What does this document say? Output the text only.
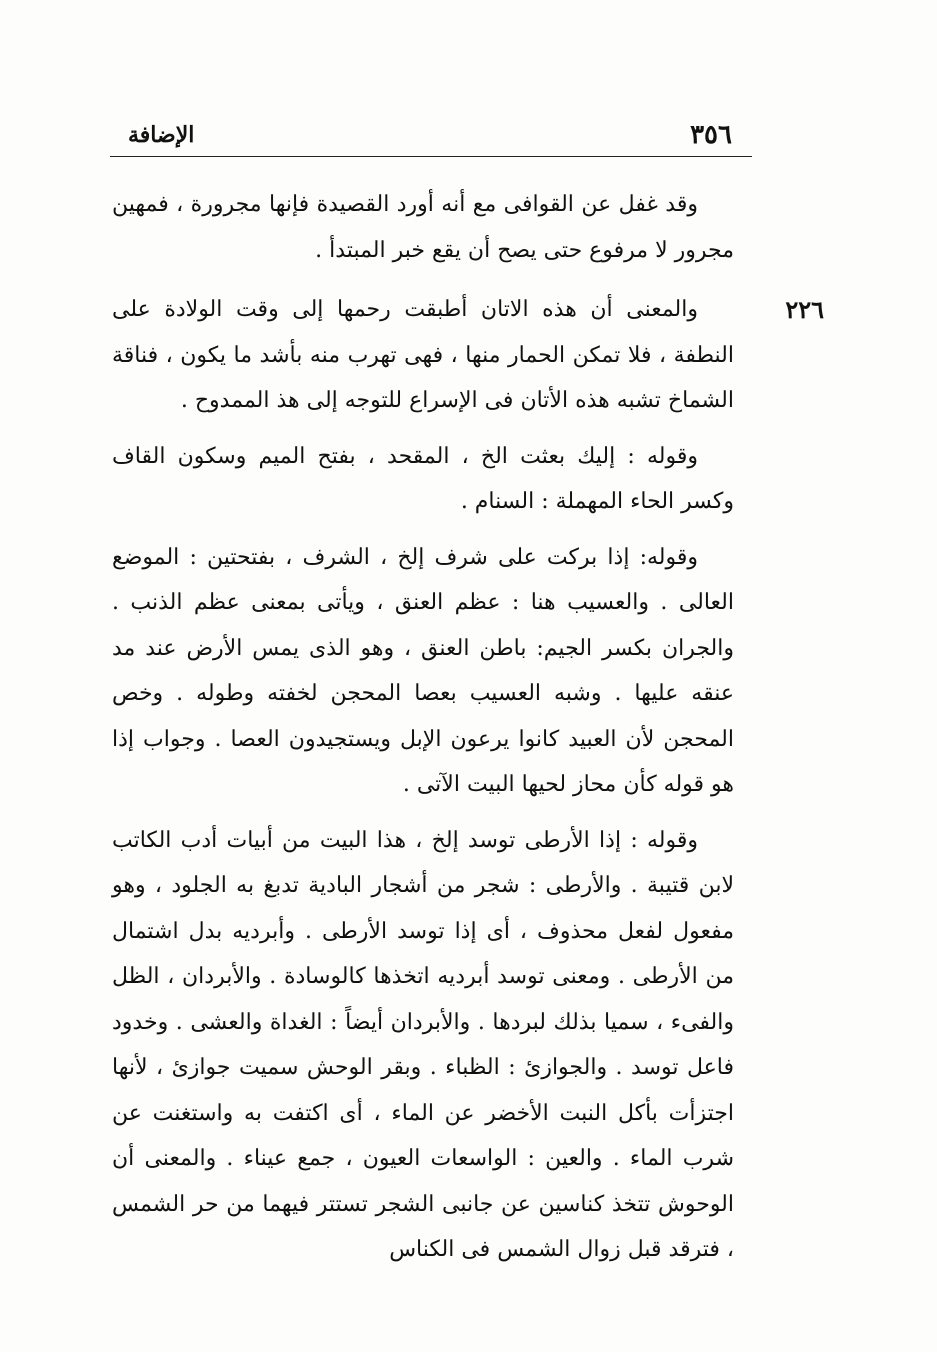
٣٥٦
الإضافة

وقد غفل عن القوافى مع أنه أورد القصيدة فإنها مجرورة ، فمهين مجرور لا مرفوع حتى يصح أن يقع خبر المبتدأ .

٢٢٦
والمعنى أن هذه الاتان أطبقت رحمها إلى وقت الولادة على النطفة ، فلا تمكن الحمار منها ، فهى تهرب منه بأشد ما يكون ، فناقة الشماخ تشبه هذه الأتان فى الإسراع للتوجه إلى هذ الممدوح .

وقوله : إليك بعثت الخ ، المقحد ، بفتح الميم وسكون القاف وكسر الحاء المهملة : السنام .

وقوله: إذا بركت على شرف إلخ ، الشرف ، بفتحتين : الموضع العالى . والعسيب هنا : عظم العنق ، ويأتى بمعنى عظم الذنب . والجران بكسر الجيم: باطن العنق ، وهو الذى يمس الأرض عند مد عنقه عليها . وشبه العسيب بعصا المحجن لخفته وطوله . وخص المحجن لأن العبيد كانوا يرعون الإبل ويستجيدون العصا . وجواب إذا هو قوله كأن محاز لحيها البيت الآتى .

وقوله : إذا الأرطى توسد إلخ ، هذا البيت من أبيات أدب الكاتب لابن قتيبة . والأرطى : شجر من أشجار البادية تدبغ به الجلود ، وهو مفعول لفعل محذوف ، أى إذا توسد الأرطى . وأبرديه بدل اشتمال من الأرطى . ومعنى توسد أبرديه اتخذها كالوسادة . والأبردان ، الظل والفىء ، سميا بذلك لبردها . والأبردان أيضاً : الغداة والعشى . وخدود فاعل توسد . والجوازئ : الظباء . وبقر الوحش سميت جوازئ ، لأنها اجتزأت بأكل النبت الأخضر عن الماء ، أى اكتفت به واستغنت عن شرب الماء . والعين : الواسعات العيون ، جمع عيناء . والمعنى أن الوحوش تتخذ كناسين عن جانبى الشجر تستتر فيهما من حر الشمس ، فترقد قبل زوال الشمس فى الكناس
